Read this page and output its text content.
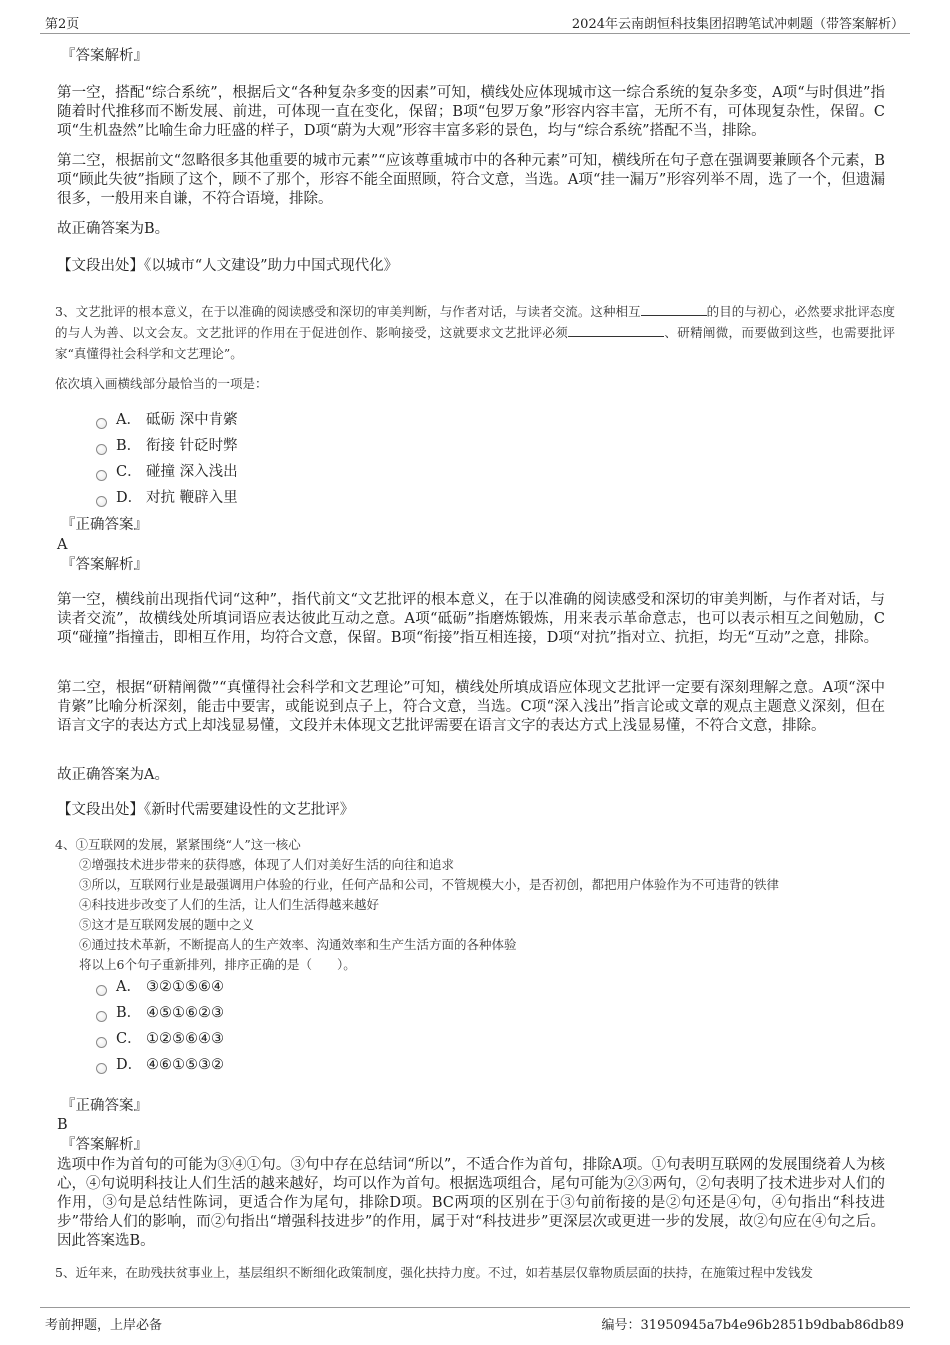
第2页	2024年云南朗恒科技集团招聘笔试冲刺题（带答案解析）
『答案解析』
第一空，搭配“综合系统”，根据后文“各种复杂多变的因素”可知，横线处应体现城市这一综合系统的复杂多变，A项“与时俱进”指随着时代推移而不断发展、前进，可体现一直在变化，保留；B项“包罗万象”形容内容丰富，无所不有，可体现复杂性，保留。C项“生机盎然”比喻生命力旺盛的样子，D项“蔚为大观”形容丰富多彩的景色，均与“综合系统”搭配不当，排除。
第二空，根据前文“忽略很多其他重要的城市元素”“应该尊重城市中的各种元素”可知，横线所在句子意在强调要兼顾各个元素，B项“顾此失彼”指顾了这个，顾不了那个，形容不能全面照顾，符合文意，当选。A项“挂一漏万”形容列举不周，选了一个，但遗漏很多，一般用来自谦，不符合语境，排除。
故正确答案为B。
【文段出处】《以城市“人文建设”助力中国式现代化》
3、文艺批评的根本意义，在于以准确的阅读感受和深切的审美判断，与作者对话，与读者交流。这种相互	的目的与初心，必然要求批评态度的与人为善、以文会友。文艺批评的作用在于促进创作、影响接受，这就要求文艺批评必须	、研精阐微，而要做到这些，也需要批评家“真懂得社会科学和文艺理论”。
依次填入画横线部分最恰当的一项是：
A． 砥砺 深中肯綮
B． 衔接 针砭时弊
C． 碰撞 深入浅出
D． 对抗 鞭辟入里
『正确答案』
A
『答案解析』
第一空，横线前出现指代词“这种”，指代前文“文艺批评的根本意义，在于以准确的阅读感受和深切的审美判断，与作者对话，与读者交流”，故横线处所填词语应表达彼此互动之意。A项“砥砺”指磨炼锻炼，用来表示革命意志，也可以表示相互之间勉励，C项“碰撞”指撞击，即相互作用，均符合文意，保留。B项“衔接”指互相连接，D项“对抗”指对立、抗拒，均无“互动”之意，排除。
第二空，根据“研精阐微”“真懂得社会科学和文艺理论”可知，横线处所填成语应体现文艺批评一定要有深刻理解之意。A项“深中肯綮”比喻分析深刻，能击中要害，或能说到点子上，符合文意，当选。C项“深入浅出”指言论或文章的观点主题意义深刻，但在语言文字的表达方式上却浅显易懂，文段并未体现文艺批评需要在语言文字的表达方式上浅显易懂，不符合文意，排除。
故正确答案为A。
【文段出处】《新时代需要建设性的文艺批评》
4、①互联网的发展，紧紧围绕“人”这一核心
②增强技术进步带来的获得感，体现了人们对美好生活的向往和追求
③所以，互联网行业是最强调用户体验的行业，任何产品和公司，不管规模大小，是否初创，都把用户体验作为不可违背的铁律
④科技进步改变了人们的生活，让人们生活得越来越好
⑤这才是互联网发展的题中之义
⑥通过技术革新，不断提高人的生产效率、沟通效率和生产生活方面的各种体验
将以上6个句子重新排列，排序正确的是（　　）。
A． ③②①⑤⑥④
B． ④⑤①⑥②③
C． ①②⑤⑥④③
D． ④⑥①⑤③②
『正确答案』
B
『答案解析』
选项中作为首句的可能为③④①句。③句中存在总结词“所以”，不适合作为首句，排除A项。①句表明互联网的发展围绕着人为核心，④句说明科技让人们生活的越来越好，均可以作为首句。根据选项组合，尾句可能为②③两句，②句表明了技术进步对人们的作用，③句是总结性陈词，更适合作为尾句，排除D项。BC两项的区别在于③句前衔接的是②句还是④句，④句指出“科技进步”带给人们的影响，而②句指出“增强科技进步”的作用，属于对“科技进步”更深层次或更进一步的发展，故②句应在④句之后。因此答案选B。
5、近年来，在助残扶贫事业上，基层组织不断细化政策制度，强化扶持力度。不过，如若基层仅靠物质层面的扶持，在施策过程中发钱发
考前押题，上岸必备	编号：31950945a7b4e96b2851b9dbab86db89
